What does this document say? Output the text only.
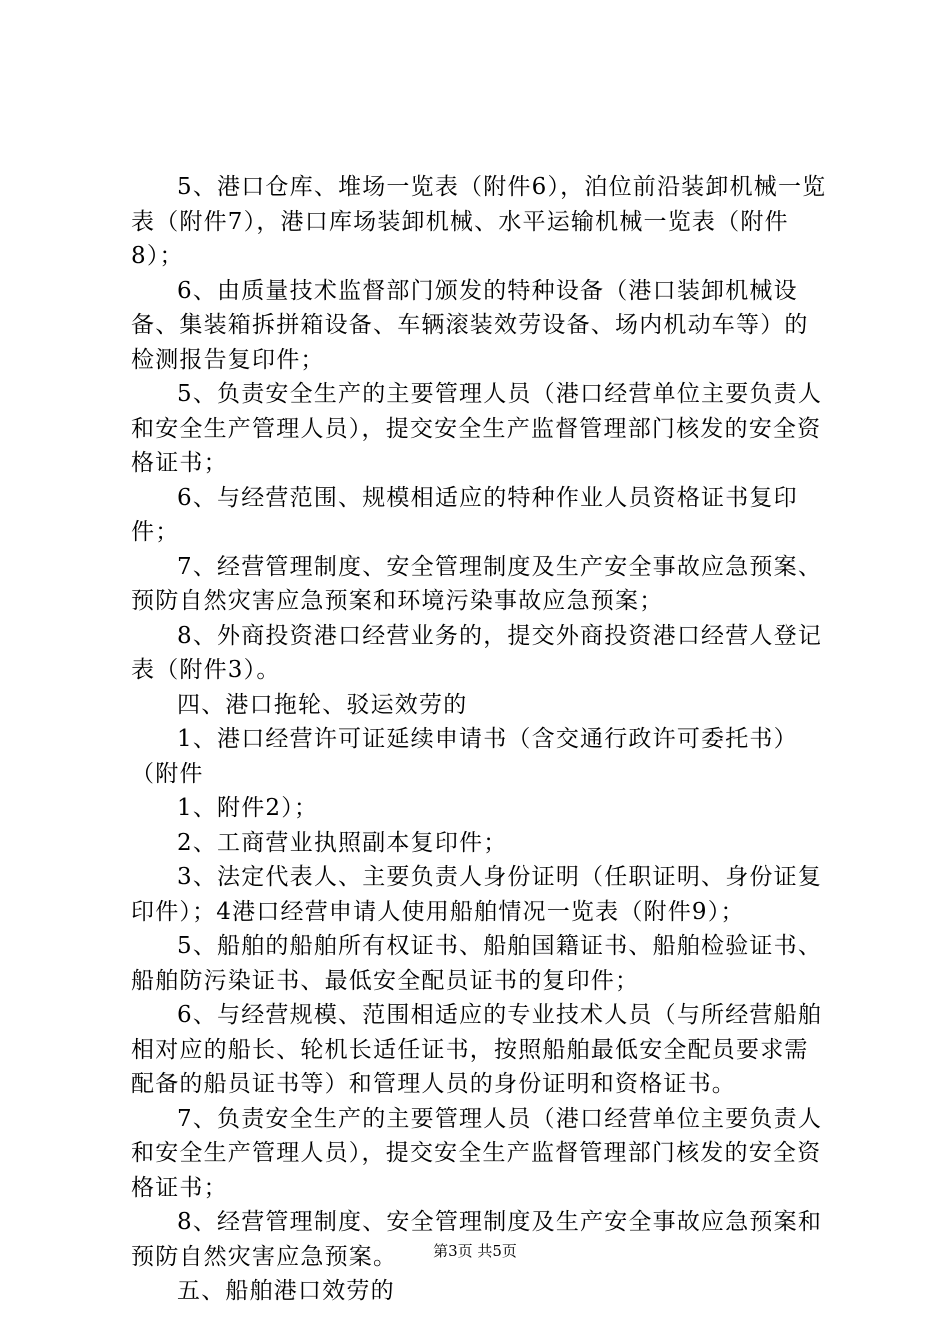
5、港口仓库、堆场一览表（附件6），泊位前沿装卸机械一览表（附件7），港口库场装卸机械、水平运输机械一览表（附件8）；

6、由质量技术监督部门颁发的特种设备（港口装卸机械设备、集装箱拆拼箱设备、车辆滚装效劳设备、场内机动车等）的检测报告复印件；

5、负责安全生产的主要管理人员（港口经营单位主要负责人和安全生产管理人员），提交安全生产监督管理部门核发的安全资格证书；

6、与经营范围、规模相适应的特种作业人员资格证书复印件；

7、经营管理制度、安全管理制度及生产安全事故应急预案、预防自然灾害应急预案和环境污染事故应急预案；

8、外商投资港口经营业务的，提交外商投资港口经营人登记表（附件3）。

四、港口拖轮、驳运效劳的

1、港口经营许可证延续申请书（含交通行政许可委托书）（附件

1、附件2）；

2、工商营业执照副本复印件；

3、法定代表人、主要负责人身份证明（任职证明、身份证复印件）；4港口经营申请人使用船舶情况一览表（附件9）；

5、船舶的船舶所有权证书、船舶国籍证书、船舶检验证书、船舶防污染证书、最低安全配员证书的复印件；

6、与经营规模、范围相适应的专业技术人员（与所经营船舶相对应的船长、轮机长适任证书，按照船舶最低安全配员要求需配备的船员证书等）和管理人员的身份证明和资格证书。

7、负责安全生产的主要管理人员（港口经营单位主要负责人和安全生产管理人员），提交安全生产监督管理部门核发的安全资格证书；

8、经营管理制度、安全管理制度及生产安全事故应急预案和预防自然灾害应急预案。

五、船舶港口效劳的

第3页 共5页
